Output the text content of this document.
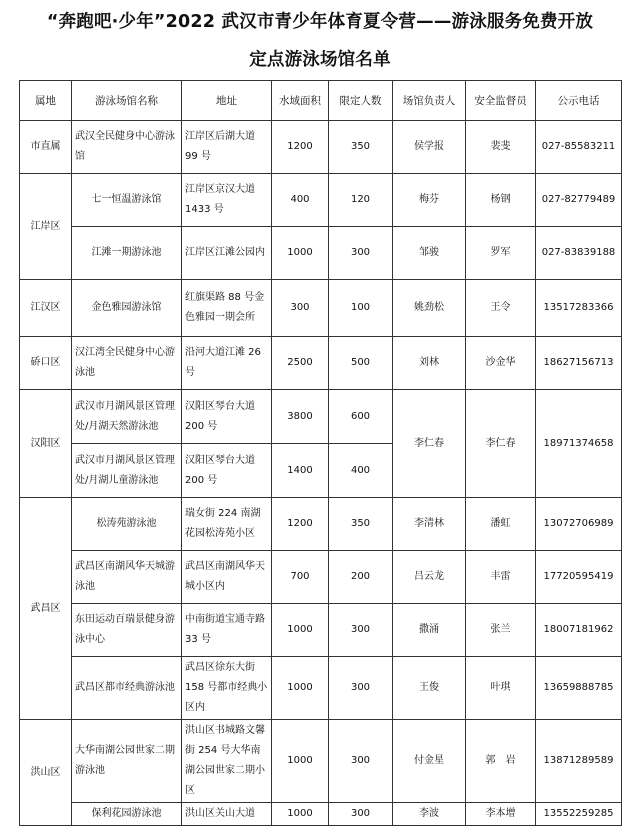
“奔跑吧·少年”2022 武汉市青少年体育夏令营——游泳服务免费开放
定点游泳场馆名单
属地	游泳场馆名称	地址	水域面积	限定人数	场馆负责人	安全监督员	公示电话
市直属	武汉全民健身中心游泳馆	江岸区后湖大道 99 号	1200	350	侯学报	裴斐	027-85583211
江岸区	七一恒温游泳馆	江岸区京汉大道 1433 号	400	120	梅芬	杨钢	027-82779489
	江滩一期游泳池	江岸区江滩公园内	1000	300	邹骏	罗军	027-83839188
江汉区	金色雅园游泳馆	红旗渠路 88 号金色雅园一期会所	300	100	姚劲松	王令	13517283366
硚口区	汉江湾全民健身中心游泳池	沿河大道江滩 26 号	2500	500	刘林	沙金华	18627156713
汉阳区	武汉市月湖风景区管理处/月湖天然游泳池	汉阳区琴台大道 200 号	3800	600	李仁春	李仁春	18971374658
	武汉市月湖风景区管理处/月湖儿童游泳池	汉阳区琴台大道 200 号	1400	400			
武昌区	松涛苑游泳池	瑞女街 224 南湖花园松涛苑小区	1200	350	李清林	潘虹	13072706989
	武昌区南湖风华天城游泳池	武昌区南湖风华天城小区内	700	200	吕云龙	丰雷	17720595419
	东田运动百瑞景健身游泳中心	中南街道宝通寺路 33 号	1000	300	撒涌	张兰	18007181962
	武昌区都市经典游泳池	武昌区徐东大街 158 号都市经典小区内	1000	300	王俊	叶琪	13659888785
洪山区	大华南湖公园世家二期游泳池	洪山区书城路文馨街 254 号大华南湖公园世家二期小区	1000	300	付金星	郭　岩	13871289589
	保利花园游泳池	洪山区关山大道	1000	300	李波	李本增	13552259285
